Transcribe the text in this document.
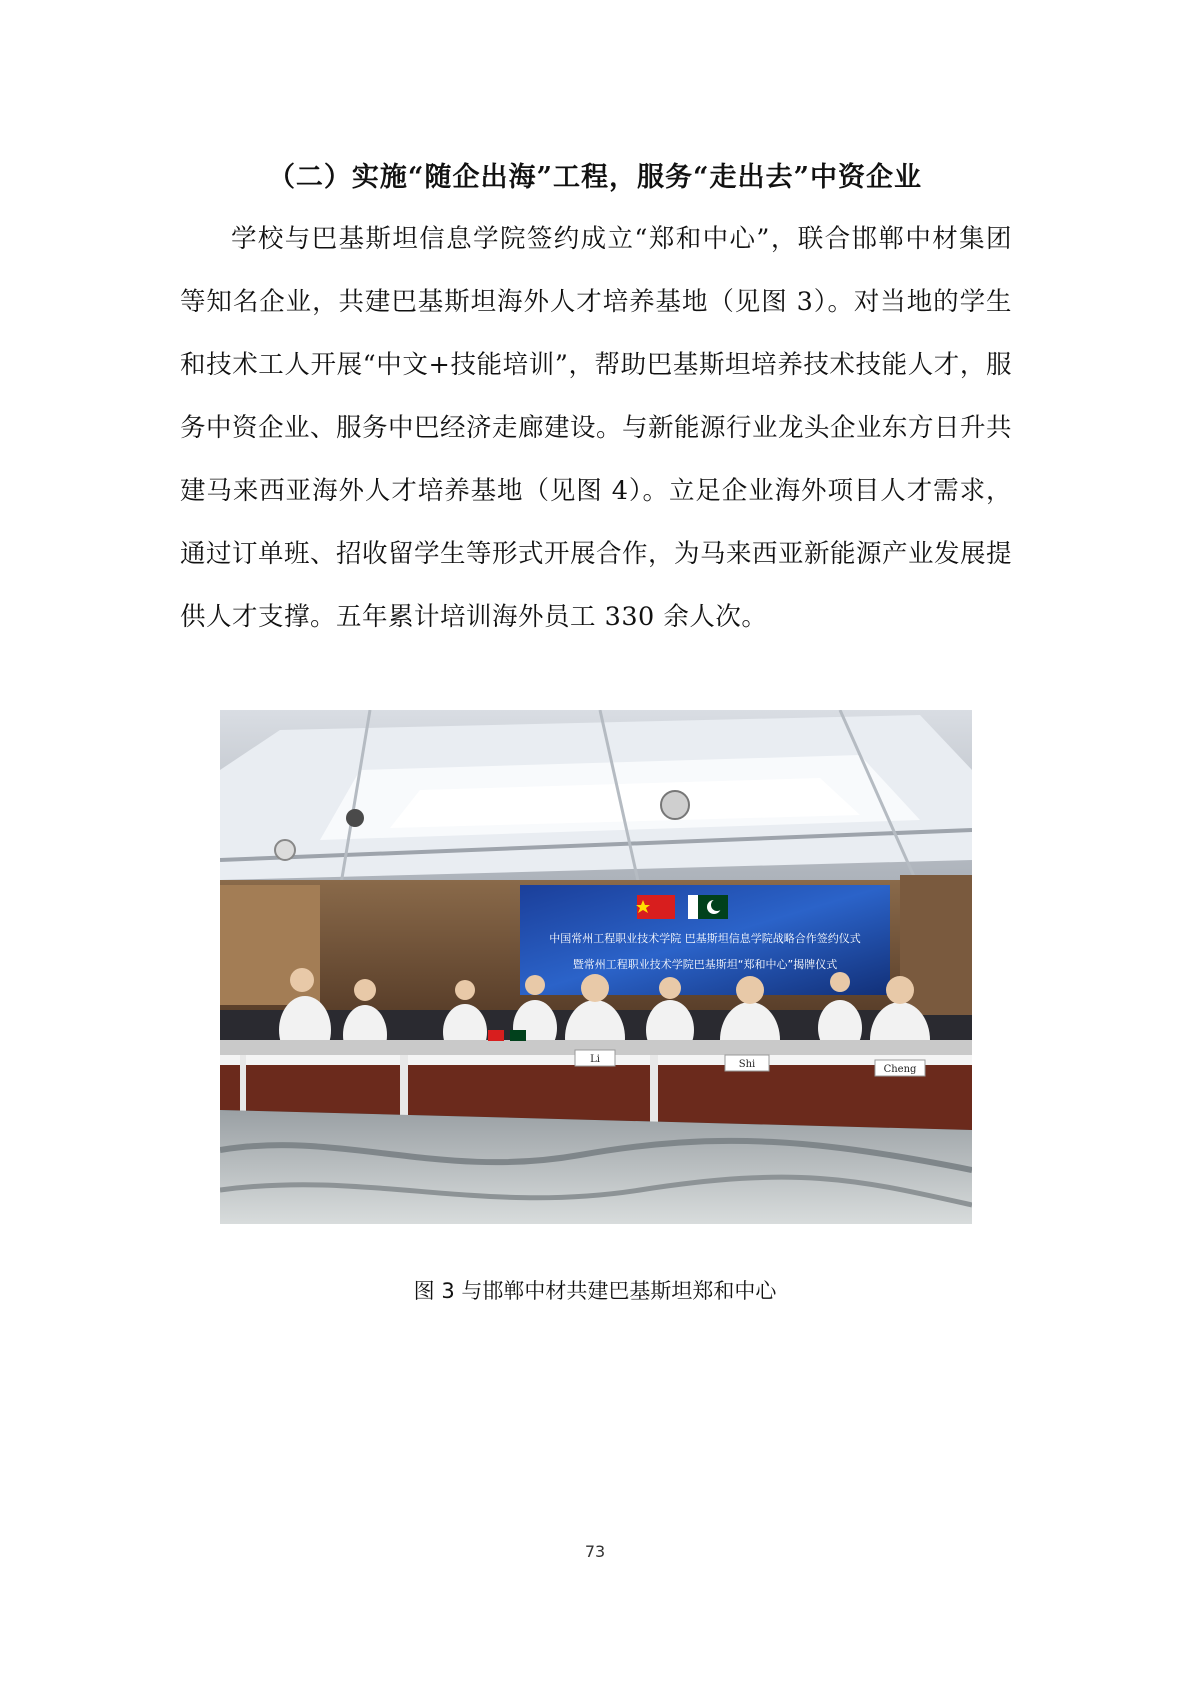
（二）实施“随企出海”工程，服务“走出去”中资企业

学校与巴基斯坦信息学院签约成立“郑和中心”，联合邯郸中材集团等知名企业，共建巴基斯坦海外人才培养基地（见图 3）。对当地的学生和技术工人开展“中文+技能培训”，帮助巴基斯坦培养技术技能人才，服务中资企业、服务中巴经济走廊建设。与新能源行业龙头企业东方日升共建马来西亚海外人才培养基地（见图 4）。立足企业海外项目人才需求，通过订单班、招收留学生等形式开展合作，为马来西亚新能源产业发展提供人才支撑。五年累计培训海外员工 330 余人次。

中国常州工程职业技术学院 巴基斯坦信息学院战略合作签约仪式
暨常州工程职业技术学院巴基斯坦“郑和中心”揭牌仪式
Li	Shi	Cheng
图 3 与邯郸中材共建巴基斯坦郑和中心
73
